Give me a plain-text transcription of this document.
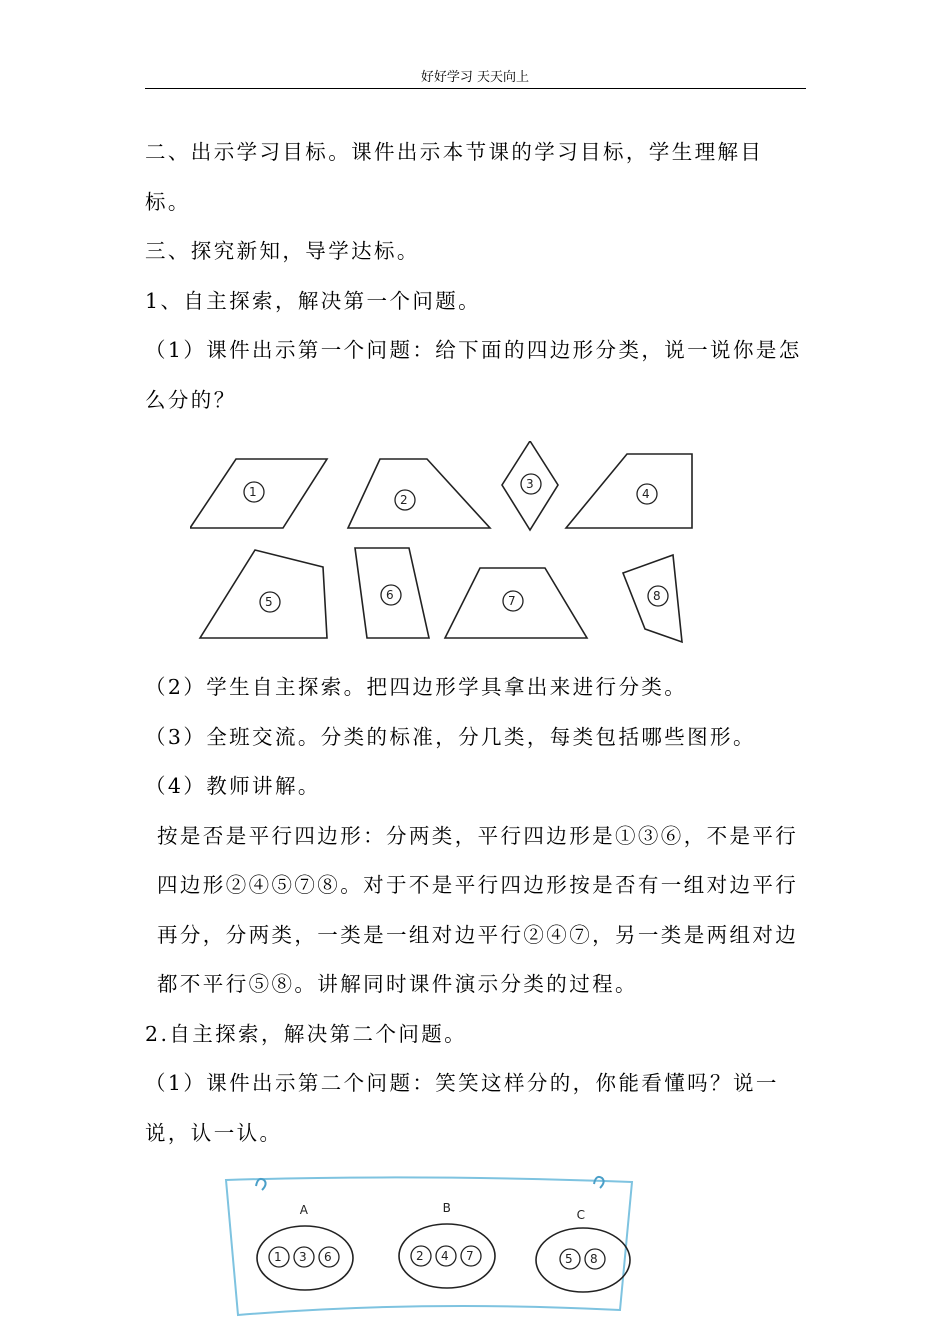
好好学习 天天向上

二、出示学习目标。课件出示本节课的学习目标，学生理解目标。

三、探究新知，导学达标。

1、自主探索，解决第一个问题。

（1）课件出示第一个问题：给下面的四边形分类，说一说你是怎么分的？

1
2
3
4
5	6	7	8

（2）学生自主探索。把四边形学具拿出来进行分类。

（3）全班交流。分类的标准，分几类，每类包括哪些图形。

（4）教师讲解。

按是否是平行四边形：分两类，平行四边形是①③⑥，不是平行四边形②④⑤⑦⑧。对于不是平行四边形按是否有一组对边平行再分，分两类，一类是一组对边平行②④⑦，另一类是两组对边都不平行⑤⑧。讲解同时课件演示分类的过程。

2.自主探索，解决第二个问题。

（1）课件出示第二个问题：笑笑这样分的，你能看懂吗？说一说，认一认。

A	B	C
1 3 6	2 4 7	5 8
